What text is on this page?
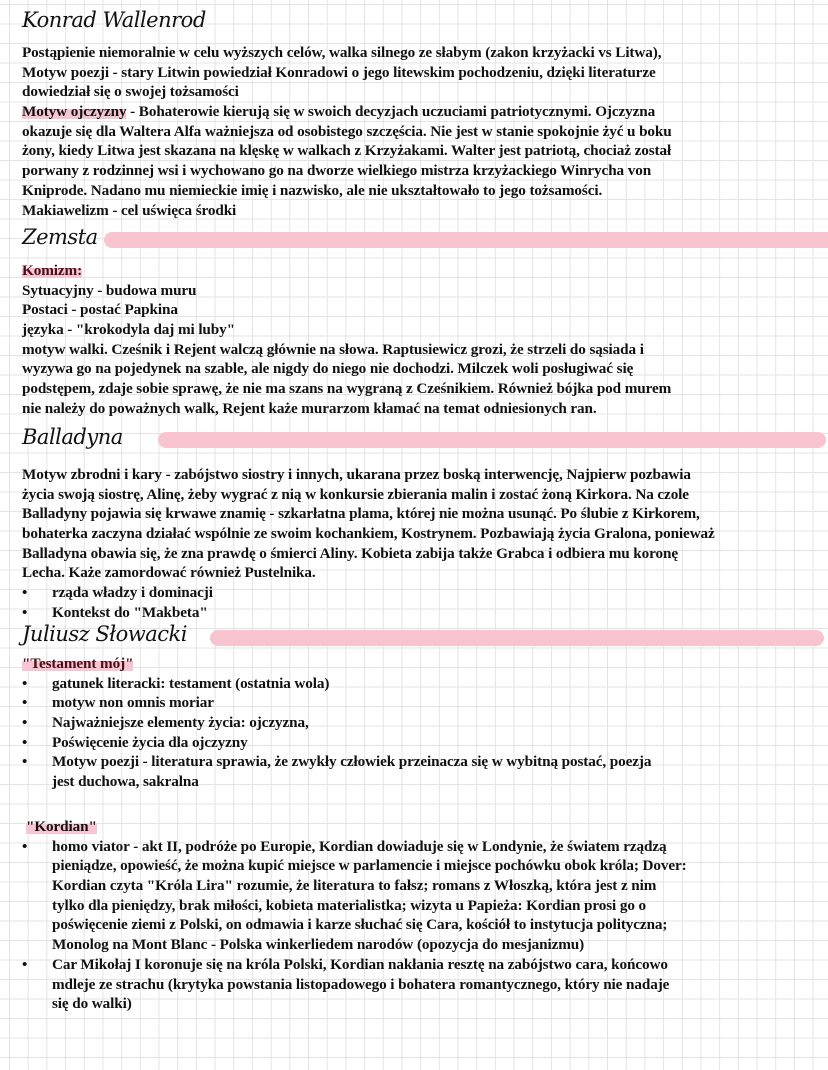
Konrad Wallenrod
Postąpienie niemoralnie w celu wyższych celów, walka silnego ze słabym (zakon krzyżacki vs Litwa),
Motyw poezji - stary Litwin powiedział Konradowi o jego litewskim pochodzeniu, dzięki literaturze
dowiedział się o swojej tożsamości
Motyw ojczyzny - Bohaterowie kierują się w swoich decyzjach uczuciami patriotycznymi. Ojczyzna
okazuje się dla Waltera Alfa ważniejsza od osobistego szczęścia. Nie jest w stanie spokojnie żyć u boku
żony, kiedy Litwa jest skazana na klęskę w walkach z Krzyżakami. Walter jest patriotą, chociaż został
porwany z rodzinnej wsi i wychowano go na dworze wielkiego mistrza krzyżackiego Winrycha von
Kniprode. Nadano mu niemieckie imię i nazwisko, ale nie ukształtowało to jego tożsamości.
Makiawelizm - cel uświęca środki
Zemsta
Komizm:
Sytuacyjny - budowa muru
Postaci - postać Papkina
języka - "krokodyla daj mi luby"
motyw walki. Cześnik i Rejent walczą głównie na słowa. Raptusiewicz grozi, że strzeli do sąsiada i
wyzywa go na pojedynek na szable, ale nigdy do niego nie dochodzi. Milczek woli posługiwać się
podstępem, zdaje sobie sprawę, że nie ma szans na wygraną z Cześnikiem. Również bójka pod murem
nie należy do poważnych walk, Rejent każe murarzom kłamać na temat odniesionych ran.
Balladyna
Motyw zbrodni i kary - zabójstwo siostry i innych, ukarana przez boską interwencję, Najpierw pozbawia
życia swoją siostrę, Alinę, żeby wygrać z nią w konkursie zbierania malin i zostać żoną Kirkora. Na czole
Balladyny pojawia się krwawe znamię - szkarłatna plama, której nie można usunąć. Po ślubie z Kirkorem,
bohaterka zaczyna działać wspólnie ze swoim kochankiem, Kostrynem. Pozbawiają życia Gralona, ponieważ
Balladyna obawia się, że zna prawdę o śmierci Aliny. Kobieta zabija także Grabca i odbiera mu koronę
Lecha. Każe zamordować również Pustelnika.
•	rządа władzy i dominacji
•	Kontekst do "Makbeta"
Juliusz Słowacki
"Testament mój"
•	gatunek literacki: testament (ostatnia wola)
•	motyw non omnis moriar
•	Najważniejsze elementy życia: ojczyzna,
•	Poświęcenie życia dla ojczyzny
•	Motyw poezji - literatura sprawia, że zwykły człowiek przeinacza się w wybitną postać, poezja
jest duchowa, sakralna
"Kordian"
•	homo viator - akt II, podróże po Europie, Kordian dowiaduje się w Londynie, że światem rządzą
pieniądze, opowieść, że można kupić miejsce w parlamencie i miejsce pochówku obok króla; Dover:
Kordian czyta "Króla Lira" rozumie, że literatura to fałsz; romans z Włoszką, która jest z nim
tylko dla pieniędzy, brak miłości, kobieta materialistka; wizyta u Papieża: Kordian prosi go o
poświęcenie ziemi z Polski, on odmawia i karze słuchać się Cara, kościół to instytucja polityczna;
Monolog na Mont Blanc - Polska winkerliedem narodów (opozycja do mesjanizmu)
•	Car Mikołaj I koronuje się na króla Polski, Kordian nakłania resztę na zabójstwo cara, końcowo
mdleje ze strachu (krytyka powstania listopadowego i bohatera romantycznego, który nie nadaje
się do walki)
